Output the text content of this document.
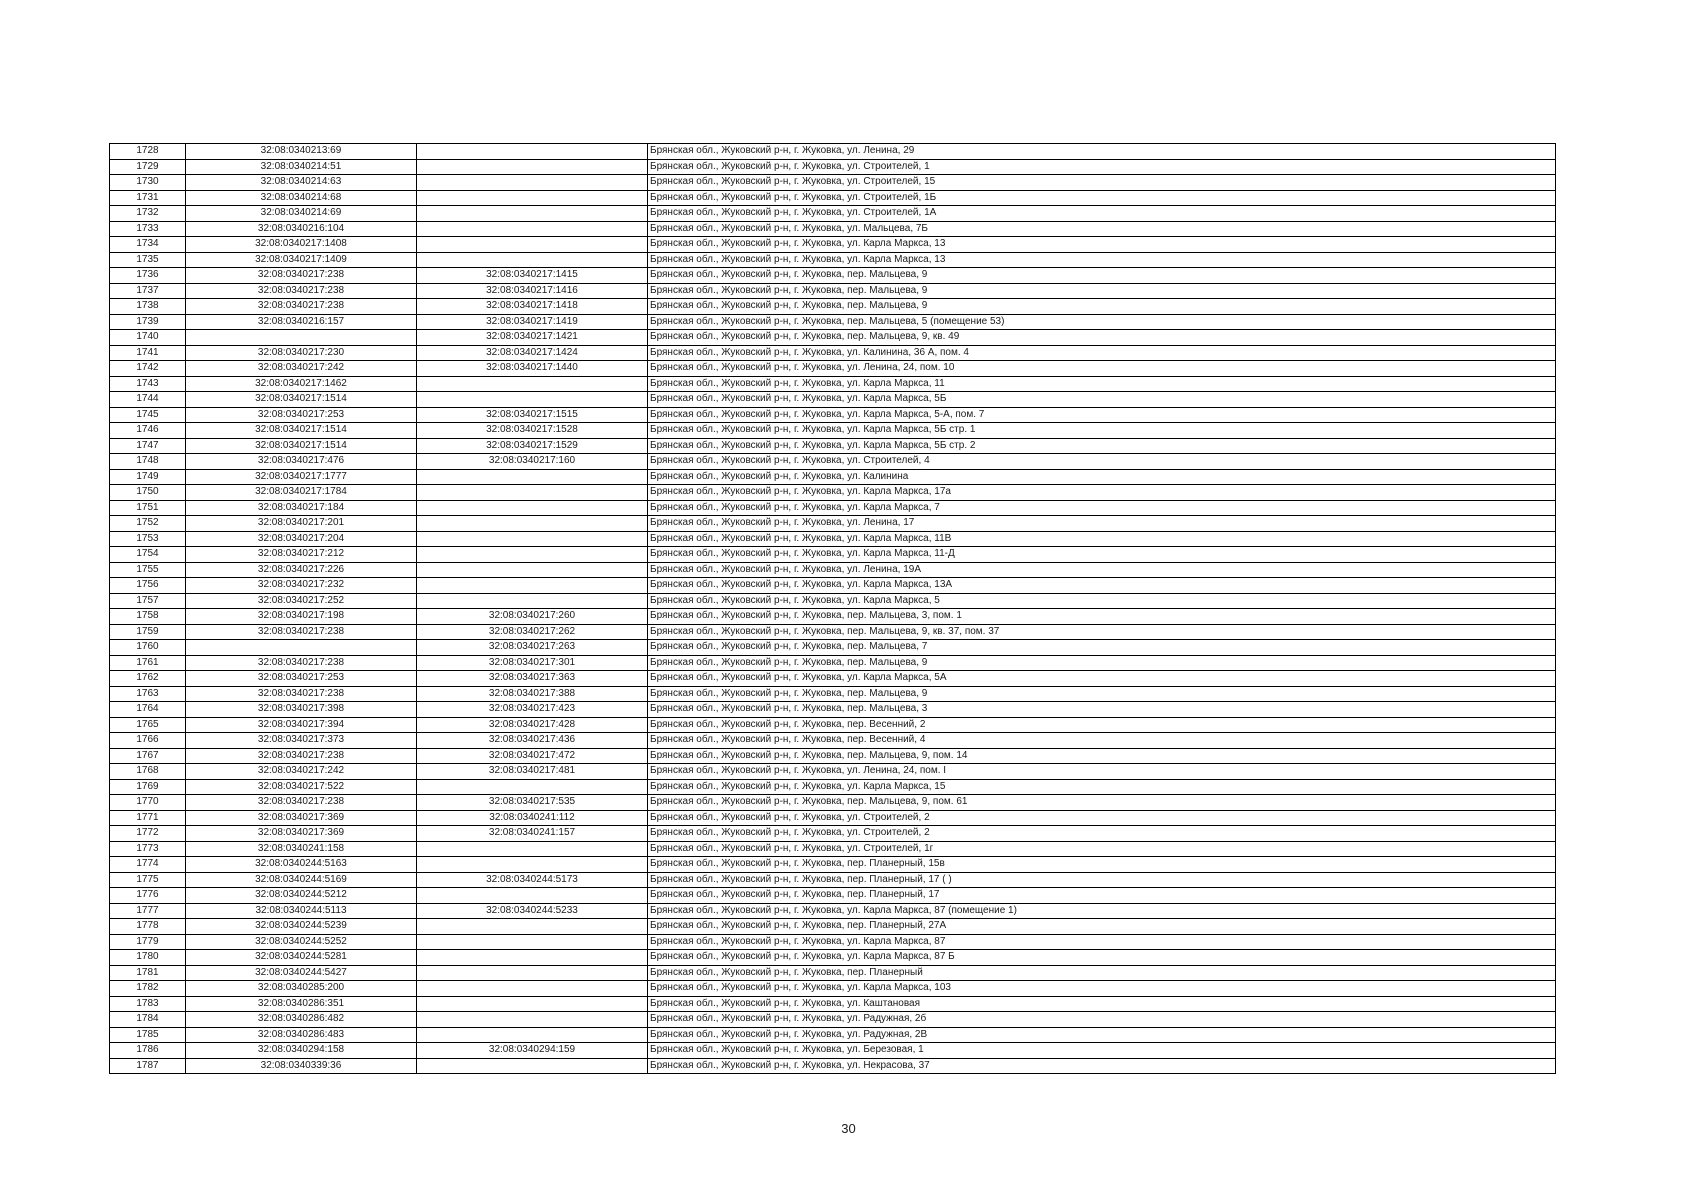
1728	32:08:0340213:69		Брянская обл., Жуковский р-н, г. Жуковка, ул. Ленина, 29
1729	32:08:0340214:51		Брянская обл., Жуковский р-н, г. Жуковка, ул. Строителей, 1
1730	32:08:0340214:63		Брянская обл., Жуковский р-н, г. Жуковка, ул. Строителей, 15
1731	32:08:0340214:68		Брянская обл., Жуковский р-н, г. Жуковка, ул. Строителей, 1Б
1732	32:08:0340214:69		Брянская обл., Жуковский р-н, г. Жуковка, ул. Строителей, 1А
1733	32:08:0340216:104		Брянская обл., Жуковский р-н, г. Жуковка, ул. Мальцева, 7Б
1734	32:08:0340217:1408		Брянская обл., Жуковский р-н, г. Жуковка, ул. Карла Маркса, 13
1735	32:08:0340217:1409		Брянская обл., Жуковский р-н, г. Жуковка, ул. Карла Маркса, 13
1736	32:08:0340217:238	32:08:0340217:1415	Брянская обл., Жуковский р-н, г. Жуковка, пер. Мальцева, 9
1737	32:08:0340217:238	32:08:0340217:1416	Брянская обл., Жуковский р-н, г. Жуковка, пер. Мальцева, 9
1738	32:08:0340217:238	32:08:0340217:1418	Брянская обл., Жуковский р-н, г. Жуковка, пер. Мальцева, 9
1739	32:08:0340216:157	32:08:0340217:1419	Брянская обл., Жуковский р-н, г. Жуковка, пер. Мальцева, 5 (помещение 53)
1740		32:08:0340217:1421	Брянская обл., Жуковский р-н, г. Жуковка, пер. Мальцева, 9, кв. 49
1741	32:08:0340217:230	32:08:0340217:1424	Брянская обл., Жуковский р-н, г. Жуковка, ул. Калинина, 36 А, пом. 4
1742	32:08:0340217:242	32:08:0340217:1440	Брянская обл., Жуковский р-н, г. Жуковка, ул. Ленина, 24, пом. 10
1743	32:08:0340217:1462		Брянская обл., Жуковский р-н, г. Жуковка, ул. Карла Маркса, 11
1744	32:08:0340217:1514		Брянская обл., Жуковский р-н, г. Жуковка, ул. Карла Маркса, 5Б
1745	32:08:0340217:253	32:08:0340217:1515	Брянская обл., Жуковский р-н, г. Жуковка, ул. Карла Маркса, 5-А, пом. 7
1746	32:08:0340217:1514	32:08:0340217:1528	Брянская обл., Жуковский р-н, г. Жуковка, ул. Карла Маркса, 5Б стр. 1
1747	32:08:0340217:1514	32:08:0340217:1529	Брянская обл., Жуковский р-н, г. Жуковка, ул. Карла Маркса, 5Б стр. 2
1748	32:08:0340217:476	32:08:0340217:160	Брянская обл., Жуковский р-н, г. Жуковка, ул. Строителей, 4
1749	32:08:0340217:1777		Брянская обл., Жуковский р-н, г. Жуковка, ул. Калинина
1750	32:08:0340217:1784		Брянская обл., Жуковский р-н, г. Жуковка, ул. Карла Маркса, 17а
1751	32:08:0340217:184		Брянская обл., Жуковский р-н, г. Жуковка, ул. Карла Маркса, 7
1752	32:08:0340217:201		Брянская обл., Жуковский р-н, г. Жуковка, ул. Ленина, 17
1753	32:08:0340217:204		Брянская обл., Жуковский р-н, г. Жуковка, ул. Карла Маркса, 11В
1754	32:08:0340217:212		Брянская обл., Жуковский р-н, г. Жуковка, ул. Карла Маркса, 11-Д
1755	32:08:0340217:226		Брянская обл., Жуковский р-н, г. Жуковка, ул. Ленина, 19А
1756	32:08:0340217:232		Брянская обл., Жуковский р-н, г. Жуковка, ул. Карла Маркса, 13А
1757	32:08:0340217:252		Брянская обл., Жуковский р-н, г. Жуковка, ул. Карла Маркса, 5
1758	32:08:0340217:198	32:08:0340217:260	Брянская обл., Жуковский р-н, г. Жуковка, пер. Мальцева, 3, пом. 1
1759	32:08:0340217:238	32:08:0340217:262	Брянская обл., Жуковский р-н, г. Жуковка, пер. Мальцева, 9, кв. 37, пом. 37
1760		32:08:0340217:263	Брянская обл., Жуковский р-н, г. Жуковка, пер. Мальцева, 7
1761	32:08:0340217:238	32:08:0340217:301	Брянская обл., Жуковский р-н, г. Жуковка, пер. Мальцева, 9
1762	32:08:0340217:253	32:08:0340217:363	Брянская обл., Жуковский р-н, г. Жуковка, ул. Карла Маркса, 5А
1763	32:08:0340217:238	32:08:0340217:388	Брянская обл., Жуковский р-н, г. Жуковка, пер. Мальцева, 9
1764	32:08:0340217:398	32:08:0340217:423	Брянская обл., Жуковский р-н, г. Жуковка, пер. Мальцева, 3
1765	32:08:0340217:394	32:08:0340217:428	Брянская обл., Жуковский р-н, г. Жуковка, пер. Весенний, 2
1766	32:08:0340217:373	32:08:0340217:436	Брянская обл., Жуковский р-н, г. Жуковка, пер. Весенний, 4
1767	32:08:0340217:238	32:08:0340217:472	Брянская обл., Жуковский р-н, г. Жуковка, пер. Мальцева, 9, пом. 14
1768	32:08:0340217:242	32:08:0340217:481	Брянская обл., Жуковский р-н, г. Жуковка, ул. Ленина, 24, пом. I
1769	32:08:0340217:522		Брянская обл., Жуковский р-н, г. Жуковка, ул. Карла Маркса, 15
1770	32:08:0340217:238	32:08:0340217:535	Брянская обл., Жуковский р-н, г. Жуковка, пер. Мальцева, 9, пом. 61
1771	32:08:0340217:369	32:08:0340241:112	Брянская обл., Жуковский р-н, г. Жуковка, ул. Строителей, 2
1772	32:08:0340217:369	32:08:0340241:157	Брянская обл., Жуковский р-н, г. Жуковка, ул. Строителей, 2
1773	32:08:0340241:158		Брянская обл., Жуковский р-н, г. Жуковка, ул. Строителей, 1г
1774	32:08:0340244:5163		Брянская обл., Жуковский р-н, г. Жуковка, пер. Планерный, 15в
1775	32:08:0340244:5169	32:08:0340244:5173	Брянская обл., Жуковский р-н, г. Жуковка, пер. Планерный, 17 ( )
1776	32:08:0340244:5212		Брянская обл., Жуковский р-н, г. Жуковка, пер. Планерный, 17
1777	32:08:0340244:5113	32:08:0340244:5233	Брянская обл., Жуковский р-н, г. Жуковка, ул. Карла Маркса, 87 (помещение 1)
1778	32:08:0340244:5239		Брянская обл., Жуковский р-н, г. Жуковка, пер. Планерный, 27А
1779	32:08:0340244:5252		Брянская обл., Жуковский р-н, г. Жуковка, ул. Карла Маркса, 87
1780	32:08:0340244:5281		Брянская обл., Жуковский р-н, г. Жуковка, ул. Карла Маркса, 87 Б
1781	32:08:0340244:5427		Брянская обл., Жуковский р-н, г. Жуковка, пер. Планерный
1782	32:08:0340285:200		Брянская обл., Жуковский р-н, г. Жуковка, ул. Карла Маркса, 103
1783	32:08:0340286:351		Брянская обл., Жуковский р-н, г. Жуковка, ул. Каштановая
1784	32:08:0340286:482		Брянская обл., Жуковский р-н, г. Жуковка, ул. Радужная, 2б
1785	32:08:0340286:483		Брянская обл., Жуковский р-н, г. Жуковка, ул. Радужная, 2В
1786	32:08:0340294:158	32:08:0340294:159	Брянская обл., Жуковский р-н, г. Жуковка, ул. Березовая, 1
1787	32:08:0340339:36		Брянская обл., Жуковский р-н, г. Жуковка, ул. Некрасова, 37
30
